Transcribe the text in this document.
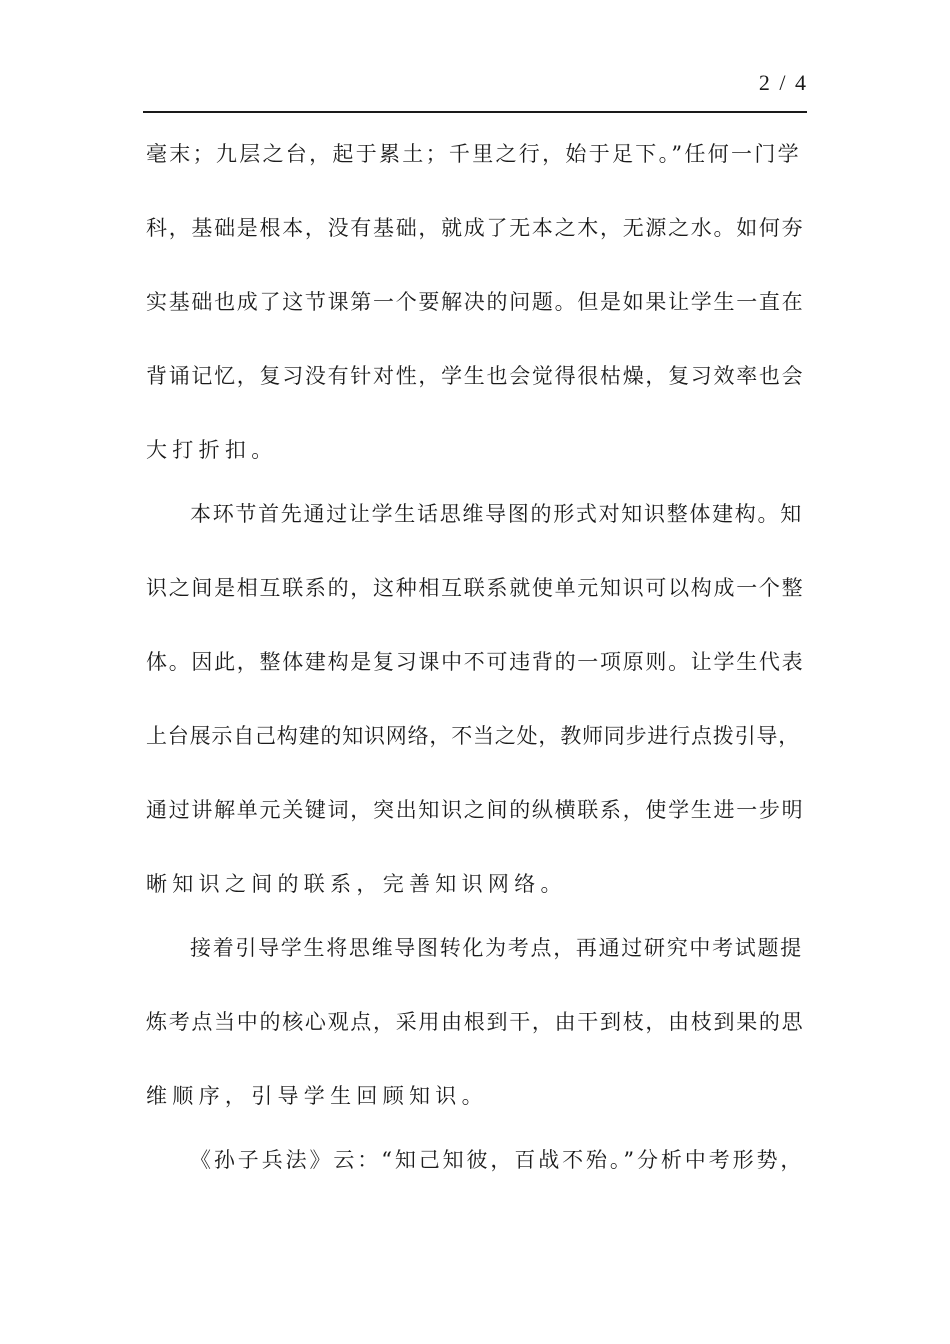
2 / 4
毫末；九层之台，起于累土；千里之行，始于足下。”任何一门学
科，基础是根本，没有基础，就成了无本之木，无源之水。如何夯
实基础也成了这节课第一个要解决的问题。但是如果让学生一直在
背诵记忆，复习没有针对性，学生也会觉得很枯燥，复习效率也会
大打折扣。
本环节首先通过让学生话思维导图的形式对知识整体建构。知
识之间是相互联系的，这种相互联系就使单元知识可以构成一个整
体。因此，整体建构是复习课中不可违背的一项原则。让学生代表
上台展示自己构建的知识网络，不当之处，教师同步进行点拨引导，
通过讲解单元关键词，突出知识之间的纵横联系，使学生进一步明
晰知识之间的联系，完善知识网络。
接着引导学生将思维导图转化为考点，再通过研究中考试题提
炼考点当中的核心观点，采用由根到干，由干到枝，由枝到果的思
维顺序，引导学生回顾知识。
《孙子兵法》云：“知己知彼，百战不殆。”分析中考形势，
